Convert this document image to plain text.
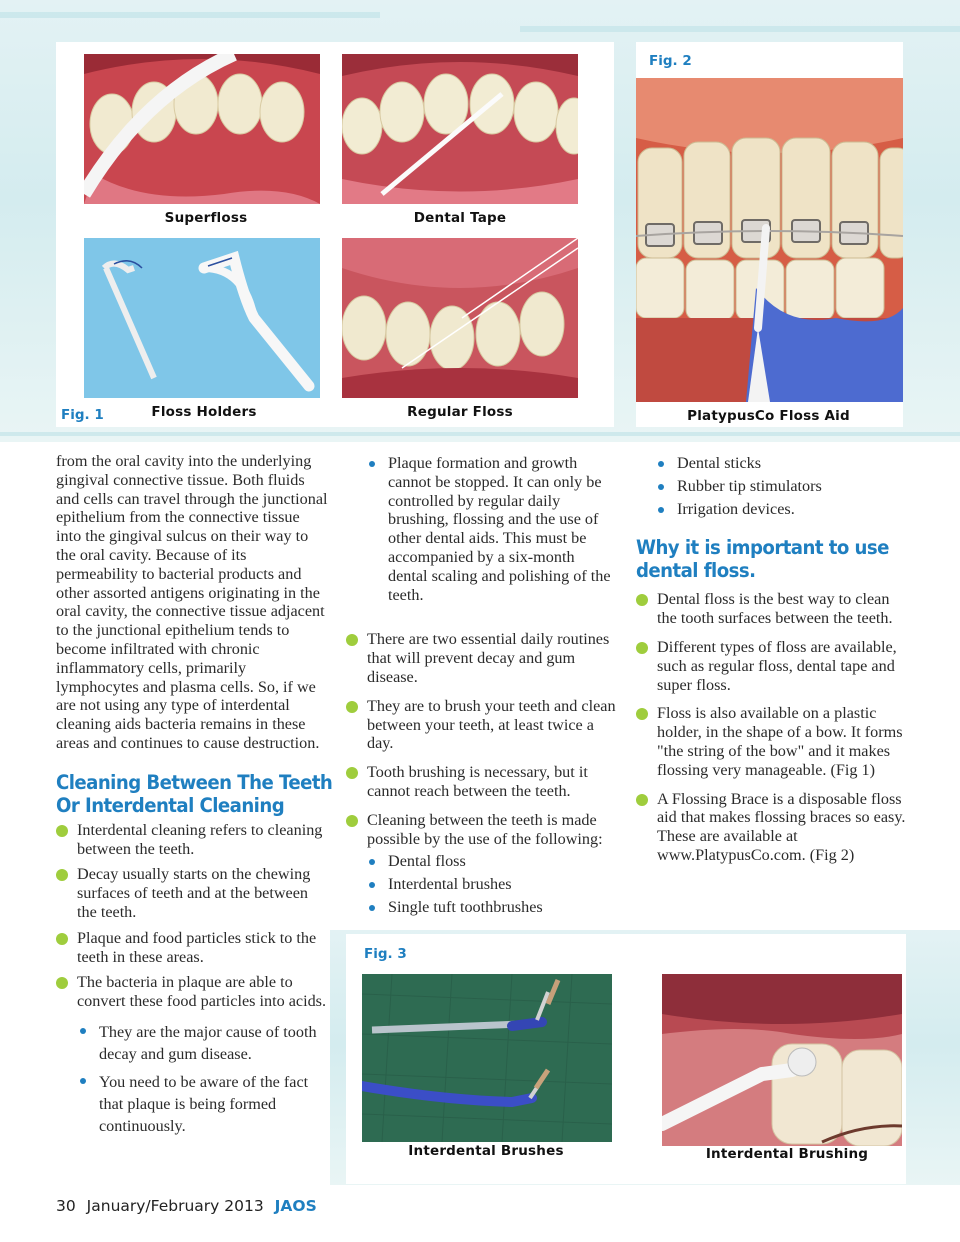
Superfloss	Dental Tape
Floss Holders	Regular Floss
Fig. 1
Fig. 2
PlatypusCo Floss Aid

from the oral cavity into the underlying gingival connective tissue. Both fluids and cells can travel through the junctional epithelium from the connective tissue into the gingival sulcus on their way to the oral cavity. Because of its permeability to bacterial products and other assorted antigens originating in the oral cavity, the connective tissue adjacent to the junctional epithelium tends to become infiltrated with chronic inflammatory cells, primarily lymphocytes and plasma cells. So, if we are not using any type of interdental cleaning aids bacteria remains in these areas and continues to cause destruction.

Cleaning Between The Teeth
Or Interdental Cleaning
Interdental cleaning refers to cleaning between the teeth.
Decay usually starts on the chewing surfaces of teeth and at the between the teeth.
Plaque and food particles stick to the teeth in these areas.
The bacteria in plaque are able to convert these food particles into acids.
They are the major cause of tooth decay and gum disease.
You need to be aware of the fact that plaque is being formed continuously.
Plaque formation and growth cannot be stopped. It can only be controlled by regular daily brushing, flossing and the use of other dental aids. This must be accompanied by a six-month dental scaling and polishing of the teeth.
There are two essential daily routines that will prevent decay and gum disease.
They are to brush your teeth and clean between your teeth, at least twice a day.
Tooth brushing is necessary, but it cannot reach between the teeth.
Cleaning between the teeth is made possible by the use of the following:
Dental floss
Interdental brushes
Single tuft toothbrushes
Dental sticks
Rubber tip stimulators
Irrigation devices.
Why it is important to use
dental floss.
Dental floss is the best way to clean the tooth surfaces between the teeth.
Different types of floss are available, such as regular floss, dental tape and super floss.
Floss is also available on a plastic holder, in the shape of a bow. It forms "the string of the bow" and it makes flossing very manageable. (Fig 1)
A Flossing Brace is a disposable floss aid that makes flossing braces so easy. These are available at www.PlatypusCo.com. (Fig 2)
Fig. 3
Interdental Brushes	Interdental Brushing
30 January/February 2013 JAOS
